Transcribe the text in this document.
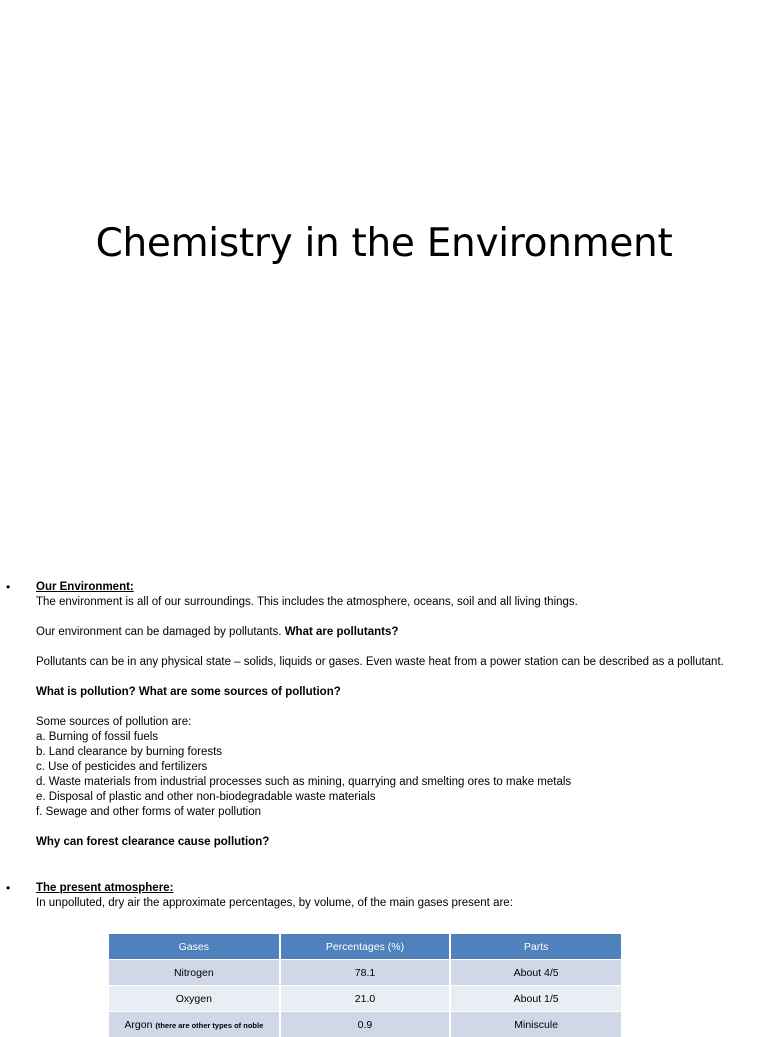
Chemistry in the Environment
• Our Environment:

The environment is all of our surroundings. This includes the atmosphere, oceans, soil and all living things.

Our environment can be damaged by pollutants. What are pollutants?

Pollutants can be in any physical state – solids, liquids or gases. Even waste heat from a power station can be described as a pollutant.

What is pollution? What are some sources of pollution?

Some sources of pollution are:

a. Burning of fossil fuels

b. Land clearance by burning forests

c. Use of pesticides and fertilizers

d. Waste materials from industrial processes such as mining, quarrying and smelting ores to make metals

e. Disposal of plastic and other non-biodegradable waste materials

f. Sewage and other forms of water pollution

Why can forest clearance cause pollution?

• The present atmosphere:

In unpolluted, dry air the approximate percentages, by volume, of the main gases present are:

Gases	Percentages (%)	Parts
Nitrogen	78.1	About 4/5
Oxygen	21.0	About 1/5
Argon (there are other types of noble	0.9	Miniscule
